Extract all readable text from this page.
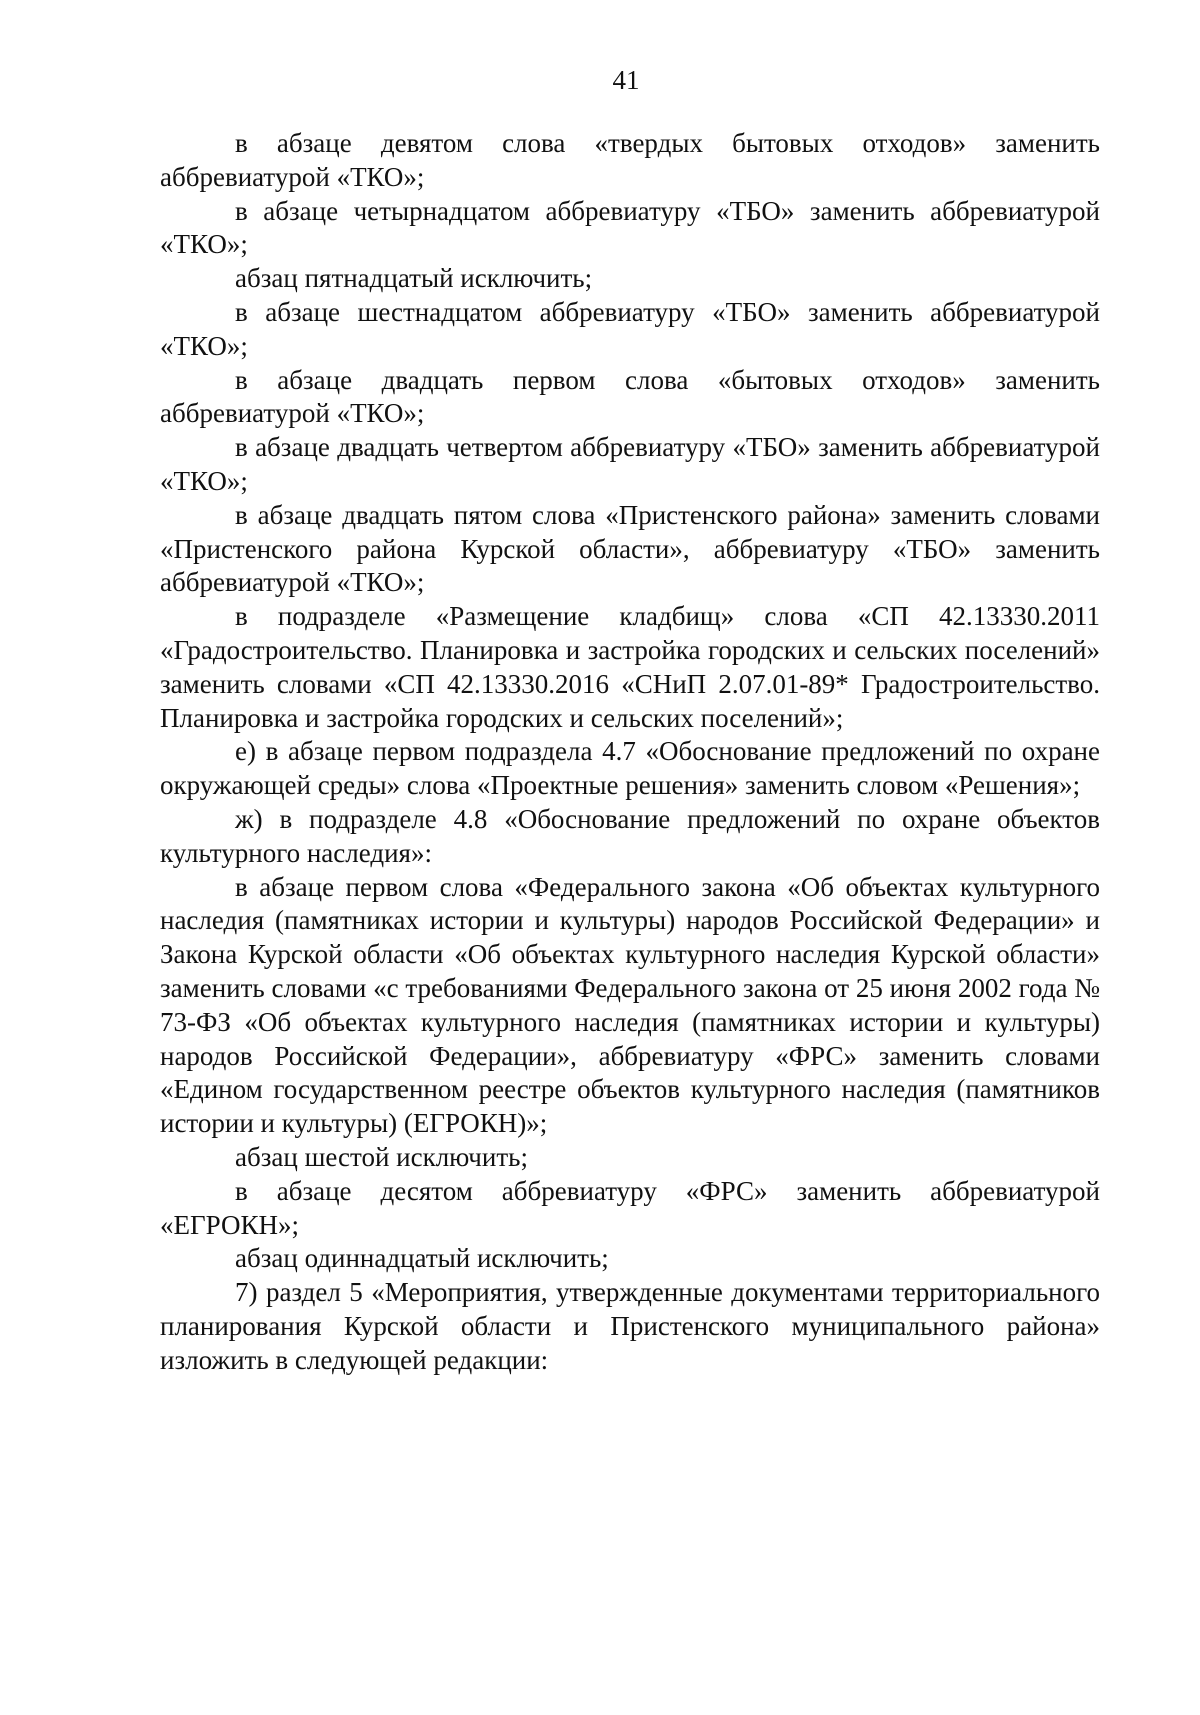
41

в абзаце девятом слова «твердых бытовых отходов» заменить аббревиатурой «ТКО»;

в абзаце четырнадцатом аббревиатуру «ТБО» заменить аббревиатурой «ТКО»;

абзац пятнадцатый исключить;

в абзаце шестнадцатом аббревиатуру «ТБО» заменить аббревиатурой «ТКО»;

в абзаце двадцать первом слова «бытовых отходов» заменить аббревиатурой «ТКО»;

в абзаце двадцать четвертом аббревиатуру «ТБО» заменить аббревиатурой «ТКО»;

в абзаце двадцать пятом слова «Пристенского района» заменить словами «Пристенского района Курской области», аббревиатуру «ТБО» заменить аббревиатурой «ТКО»;

в подразделе «Размещение кладбищ» слова «СП 42.13330.2011 «Градостроительство. Планировка и застройка городских и сельских поселений» заменить словами «СП 42.13330.2016 «СНиП 2.07.01-89* Градостроительство. Планировка и застройка городских и сельских поселений»;

е) в абзаце первом подраздела 4.7 «Обоснование предложений по охране окружающей среды» слова «Проектные решения» заменить словом «Решения»;

ж) в подразделе 4.8 «Обоснование предложений по охране объектов культурного наследия»:

в абзаце первом слова «Федерального закона «Об объектах культурного наследия (памятниках истории и культуры) народов Российской Федерации» и Закона Курской области «Об объектах культурного наследия Курской области» заменить словами «с требованиями Федерального закона от 25 июня 2002 года № 73-ФЗ «Об объектах культурного наследия (памятниках истории и культуры) народов Российской Федерации», аббревиатуру «ФРС» заменить словами «Едином государственном реестре объектов культурного наследия (памятников истории и культуры) (ЕГРОКН)»;

абзац шестой исключить;

в абзаце десятом аббревиатуру «ФРС» заменить аббревиатурой «ЕГРОКН»;

абзац одиннадцатый исключить;

7) раздел 5 «Мероприятия, утвержденные документами территориального планирования Курской области и Пристенского муниципального района» изложить в следующей редакции:
